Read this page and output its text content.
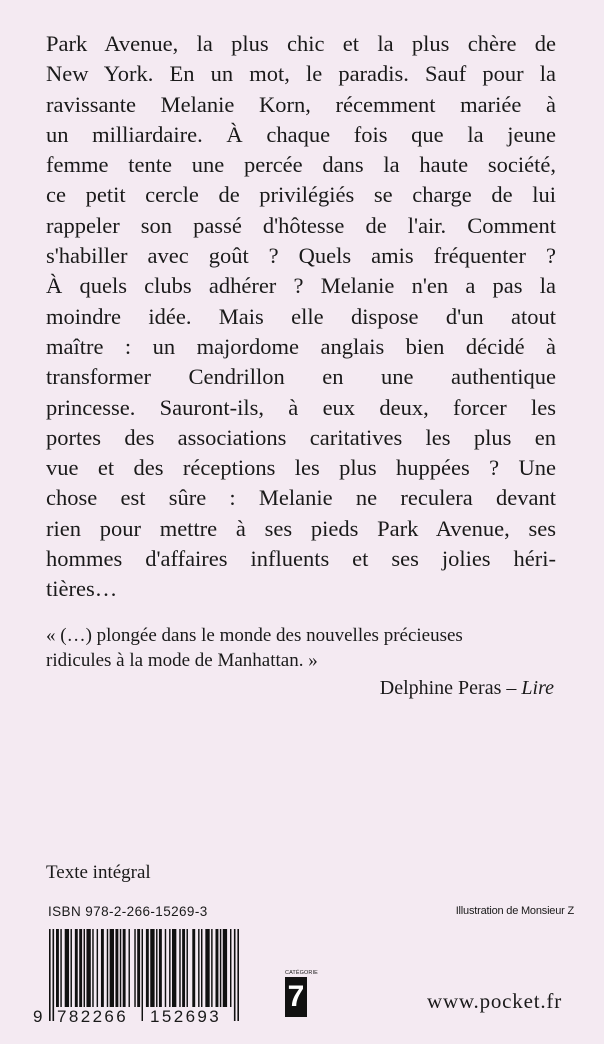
Park Avenue, la plus chic et la plus chère de
New York. En un mot, le paradis. Sauf pour la
ravissante Melanie Korn, récemment mariée à
un milliardaire. À chaque fois que la jeune
femme tente une percée dans la haute société,
ce petit cercle de privilégiés se charge de lui
rappeler son passé d'hôtesse de l'air. Comment
s'habiller avec goût ? Quels amis fréquenter ?
À quels clubs adhérer ? Melanie n'en a pas la
moindre idée. Mais elle dispose d'un atout
maître : un majordome anglais bien décidé à
transformer Cendrillon en une authentique
princesse. Sauront-ils, à eux deux, forcer les
portes des associations caritatives les plus en
vue et des réceptions les plus huppées ? Une
chose est sûre : Melanie ne reculera devant
rien pour mettre à ses pieds Park Avenue, ses
hommes d'affaires influents et ses jolies héri-
tières…
« (…) plongée dans le monde des nouvelles précieuses
ridicules à la mode de Manhattan. »

Delphine Peras – Lire

Texte intégral

ISBN 978-2-266-15269-3	Illustration de Monsieur Z

9 782266 152693
CATÉGORIE
7	www.pocket.fr
